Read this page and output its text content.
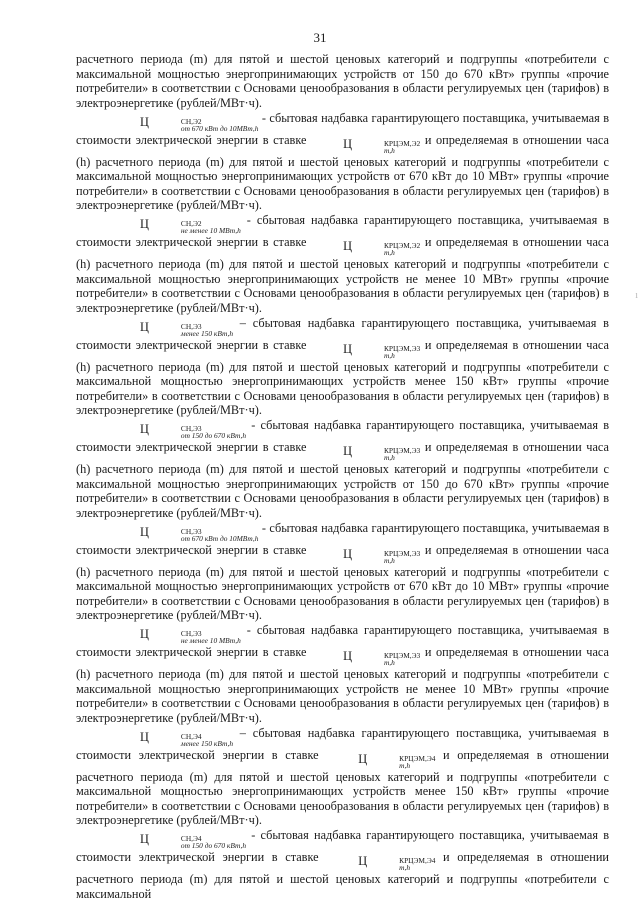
31

расчетного периода (m) для пятой и шестой ценовых категорий и подгруппы «потребители с максимальной мощностью энергопринимающих устройств от 150 до 670 кВт» группы «прочие потребители» в соответствии с Основами ценообразования в области регулируемых цен (тарифов) в электроэнергетике (рублей/МВт·ч).

Ц	СН,Э2
от 670 кВт до 10МВт,h
- сбытовая надбавка гарантирующего поставщика, учитываемая в стоимости электрической энергии в ставке	Ц	КРЦЭМ,Э2
m,h
и определяемая в отношении часа (h) расчетного периода (m) для пятой и шестой ценовых категорий и подгруппы «потребители с максимальной мощностью энергопринимающих устройств от 670 кВт до 10 МВт» группы «прочие потребители» в соответствии с Основами ценообразования в области регулируемых цен (тарифов) в электроэнергетике (рублей/МВт·ч).

Ц	СН,Э2
не менее 10 МВт,h
- сбытовая надбавка гарантирующего поставщика, учитываемая в стоимости электрической энергии в ставке	Ц	КРЦЭМ,Э2
m,h
и определяемая в отношении часа (h) расчетного периода (m) для пятой и шестой ценовых категорий и подгруппы «потребители с максимальной мощностью энергопринимающих устройств не менее 10 МВт» группы «прочие потребители» в соответствии с Основами ценообразования в области регулируемых цен (тарифов) в электроэнергетике (рублей/МВт·ч).

Ц	СН,Э3
менее 150 кВт,h
– сбытовая надбавка гарантирующего поставщика, учитываемая в стоимости электрической энергии в ставке	Ц	КРЦЭМ,Э3
m,h
и определяемая в отношении часа (h) расчетного периода (m) для пятой и шестой ценовых категорий и подгруппы «потребители с максимальной мощностью энергопринимающих устройств менее 150 кВт» группы «прочие потребители» в соответствии с Основами ценообразования в области регулируемых цен (тарифов) в электроэнергетике (рублей/МВт·ч).

Ц	СН,Э3
от 150 до 670 кВт,h
- сбытовая надбавка гарантирующего поставщика, учитываемая в стоимости электрической энергии в ставке	Ц	КРЦЭМ,Э3
m,h
и определяемая в отношении часа (h) расчетного периода (m) для пятой и шестой ценовых категорий и подгруппы «потребители с максимальной мощностью энергопринимающих устройств от 150 до 670 кВт» группы «прочие потребители» в соответствии с Основами ценообразования в области регулируемых цен (тарифов) в электроэнергетике (рублей/МВт·ч).

Ц	СН,Э3
от 670 кВт до 10МВт,h
- сбытовая надбавка гарантирующего поставщика, учитываемая в стоимости электрической энергии в ставке	Ц	КРЦЭМ,Э3
m,h
и определяемая в отношении часа (h) расчетного периода (m) для пятой и шестой ценовых категорий и подгруппы «потребители с максимальной мощностью энергопринимающих устройств от 670 кВт до 10 МВт» группы «прочие потребители» в соответствии с Основами ценообразования в области регулируемых цен (тарифов) в электроэнергетике (рублей/МВт·ч).

Ц	СН,Э3
не менее 10 МВт,h
- сбытовая надбавка гарантирующего поставщика, учитываемая в стоимости электрической энергии в ставке	Ц	КРЦЭМ,Э3
m,h
и определяемая в отношении часа (h) расчетного периода (m) для пятой и шестой ценовых категорий и подгруппы «потребители с максимальной мощностью энергопринимающих устройств не менее 10 МВт» группы «прочие потребители» в соответствии с Основами ценообразования в области регулируемых цен (тарифов) в электроэнергетике (рублей/МВт·ч).

Ц	СН,Э4
менее 150 кВт,h
– сбытовая надбавка гарантирующего поставщика, учитываемая в стоимости электрической энергии в ставке	Ц	КРЦЭМ,Э4
m,h
и определяемая в отношении расчетного периода (m) для пятой и шестой ценовых категорий и подгруппы «потребители с максимальной мощностью энергопринимающих устройств менее 150 кВт» группы «прочие потребители» в соответствии с Основами ценообразования в области регулируемых цен (тарифов) в электроэнергетике (рублей/МВт·ч).

Ц	СН,Э4
от 150 до 670 кВт,h
- сбытовая надбавка гарантирующего поставщика, учитываемая в стоимости электрической энергии в ставке	Ц	КРЦЭМ,Э4
m,h
и определяемая в отношении расчетного периода (m) для пятой и шестой ценовых категорий и подгруппы «потребители с максимальной

ı
